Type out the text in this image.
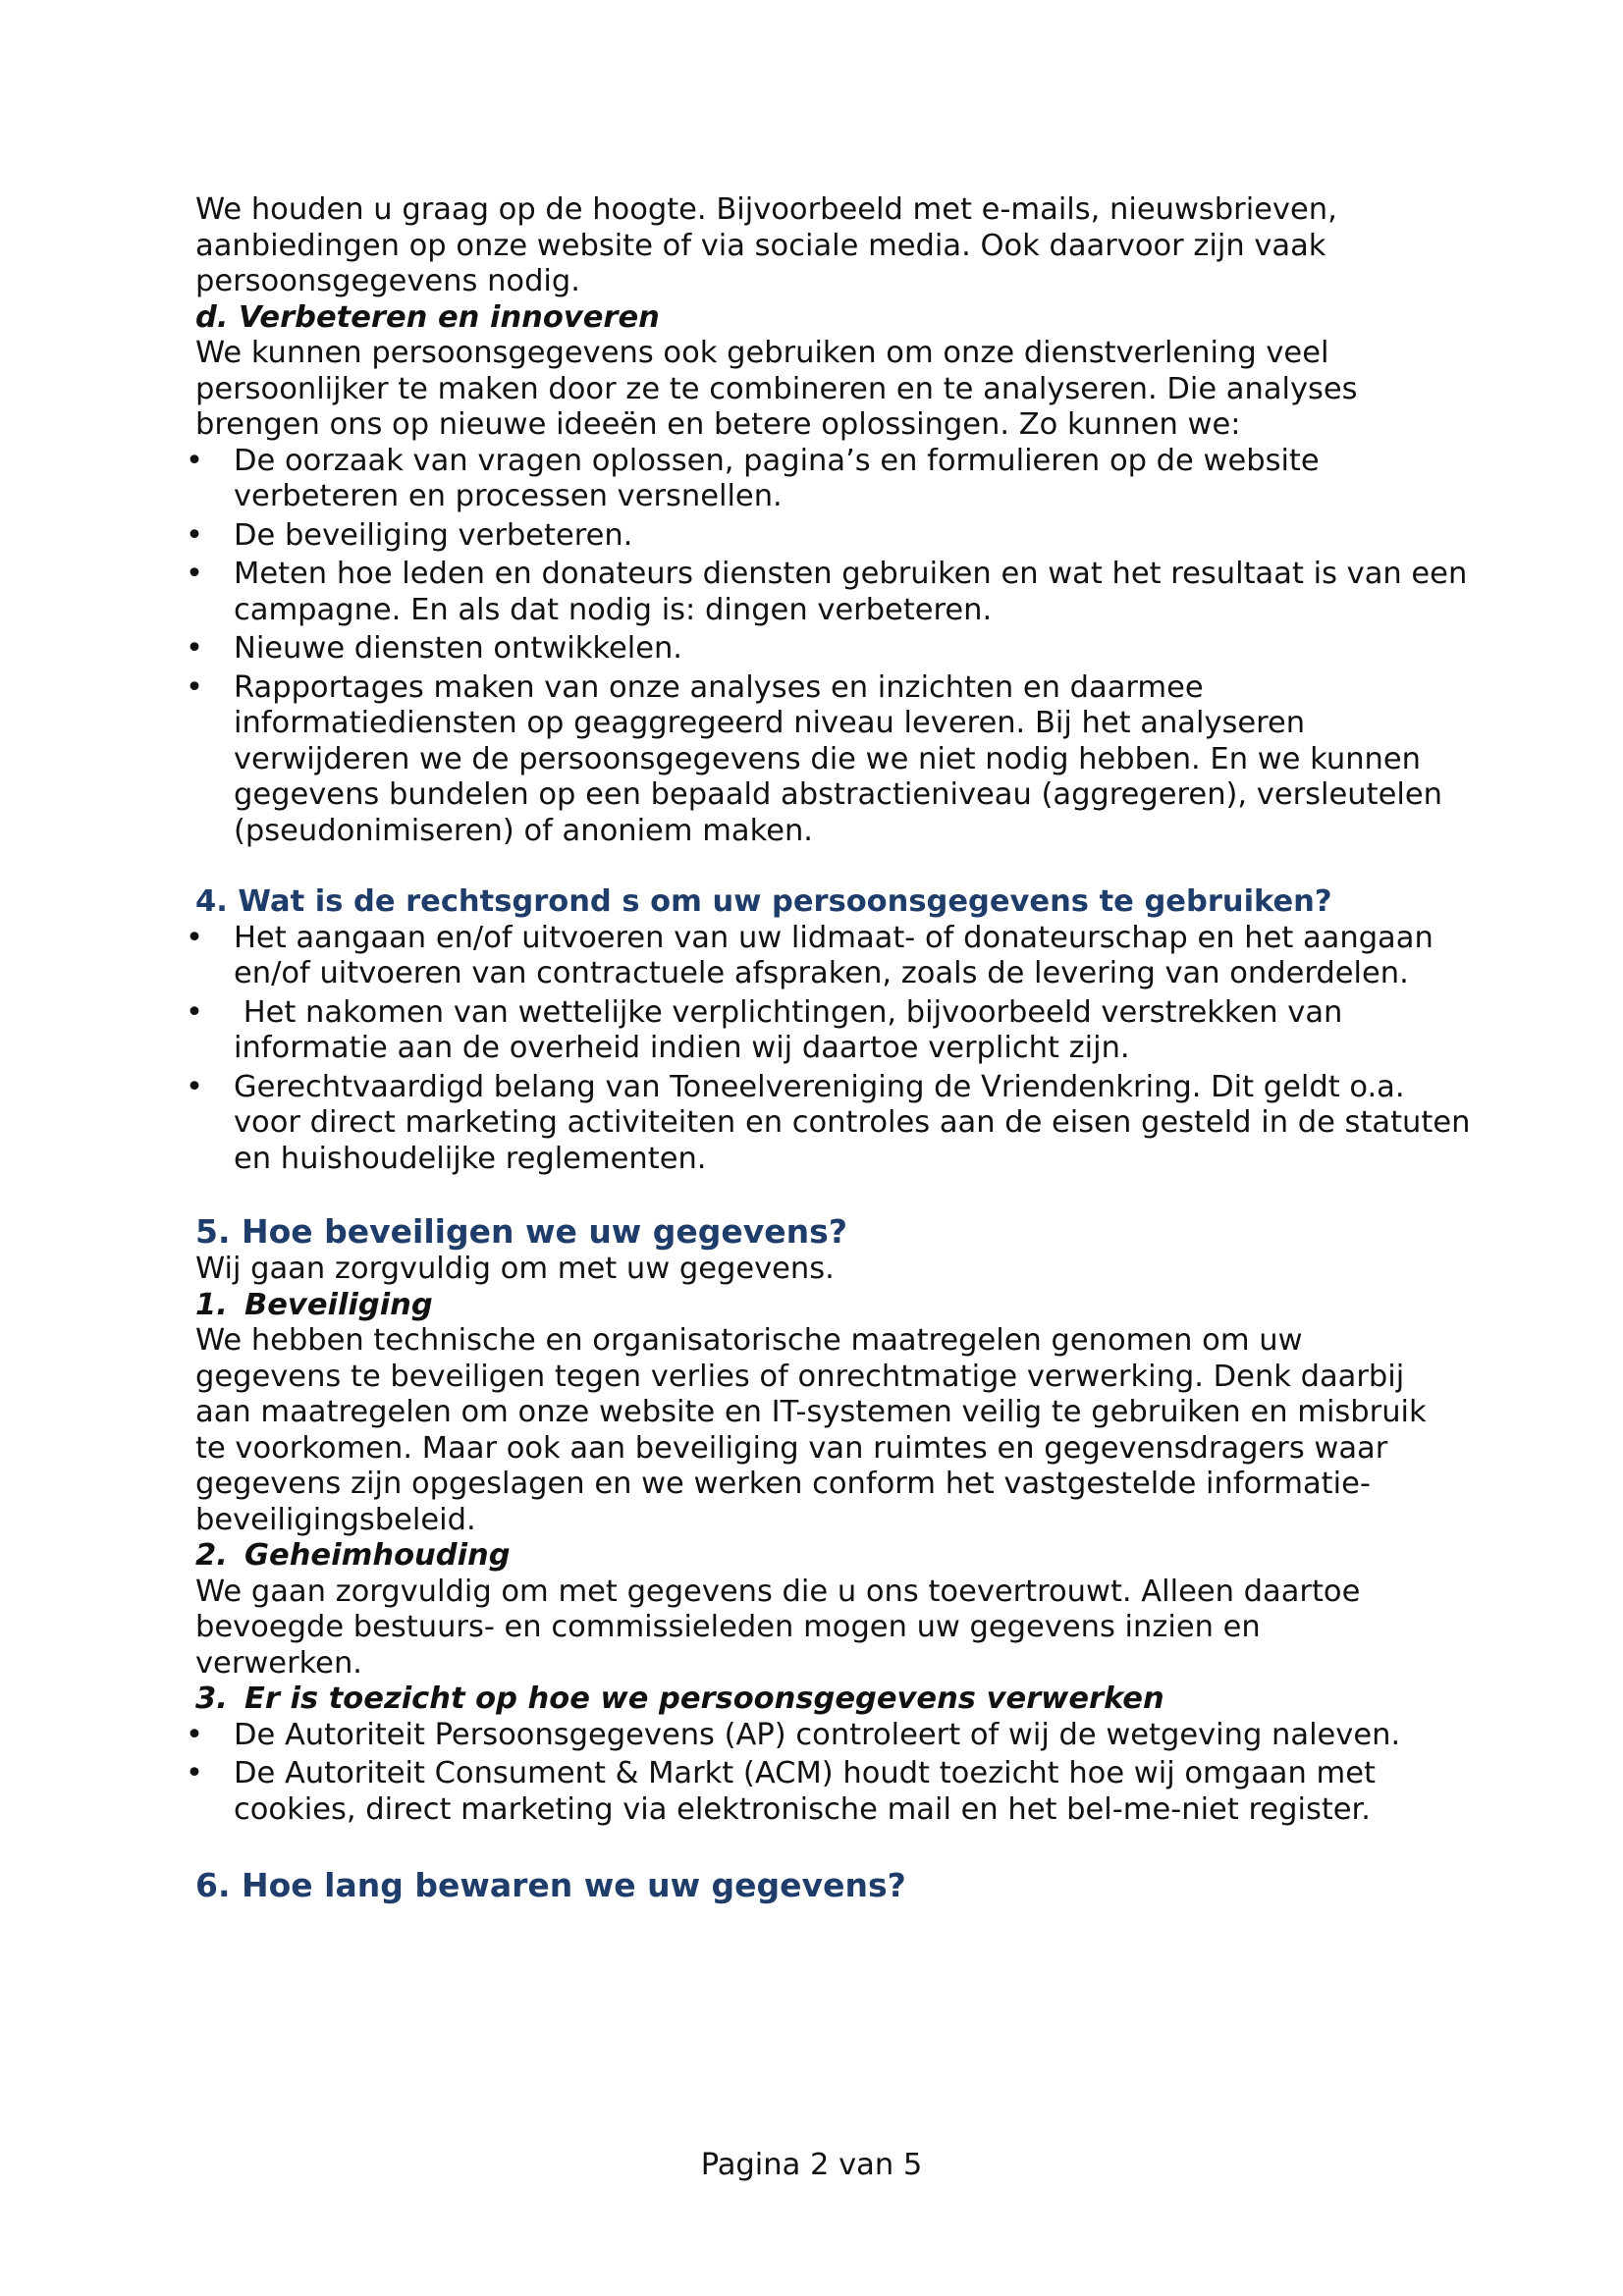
We houden u graag op de hoogte. Bijvoorbeeld met e-mails, nieuwsbrieven, aanbiedingen op onze website of via sociale media. Ook daarvoor zijn vaak persoonsgegevens nodig.

d. Verbeteren en innoveren

We kunnen persoonsgegevens ook gebruiken om onze dienstverlening veel persoonlijker te maken door ze te combineren en te analyseren. Die analyses brengen ons op nieuwe ideeën en betere oplossingen. Zo kunnen we:

• De oorzaak van vragen oplossen, pagina’s en formulieren op de website verbeteren en processen versnellen.
• De beveiliging verbeteren.
• Meten hoe leden en donateurs diensten gebruiken en wat het resultaat is van een campagne. En als dat nodig is: dingen verbeteren.
• Nieuwe diensten ontwikkelen.
• Rapportages maken van onze analyses en inzichten en daarmee informatiediensten op geaggregeerd niveau leveren. Bij het analyseren verwijderen we de persoonsgegevens die we niet nodig hebben. En we kunnen gegevens bundelen op een bepaald abstractieniveau (aggregeren), versleutelen (pseudonimiseren) of anoniem maken.

4. Wat is de rechtsgrond s om uw persoonsgegevens te gebruiken?

• Het aangaan en/of uitvoeren van uw lidmaat- of donateurschap en het aangaan en/of uitvoeren van contractuele afspraken, zoals de levering van onderdelen.
• Het nakomen van wettelijke verplichtingen, bijvoorbeeld verstrekken van informatie aan de overheid indien wij daartoe verplicht zijn.
• Gerechtvaardigd belang van Toneelvereniging de Vriendenkring. Dit geldt o.a. voor direct marketing activiteiten en controles aan de eisen gesteld in de statuten en huishoudelijke reglementen.

5. Hoe beveiligen we uw gegevens?

Wij gaan zorgvuldig om met uw gegevens.

1. Beveiliging

We hebben technische en organisatorische maatregelen genomen om uw gegevens te beveiligen tegen verlies of onrechtmatige verwerking. Denk daarbij aan maatregelen om onze website en IT-systemen veilig te gebruiken en misbruik te voorkomen. Maar ook aan beveiliging van ruimtes en gegevensdragers waar gegevens zijn opgeslagen en we werken conform het vastgestelde informatie-beveiligingsbeleid.

2. Geheimhouding

We gaan zorgvuldig om met gegevens die u ons toevertrouwt. Alleen daartoe bevoegde bestuurs- en commissieleden mogen uw gegevens inzien en verwerken.

3. Er is toezicht op hoe we persoonsgegevens verwerken

• De Autoriteit Persoonsgegevens (AP) controleert of wij de wetgeving naleven.
• De Autoriteit Consument & Markt (ACM) houdt toezicht hoe wij omgaan met cookies, direct marketing via elektronische mail en het bel-me-niet register.

6. Hoe lang bewaren we uw gegevens?

Pagina 2 van 5
